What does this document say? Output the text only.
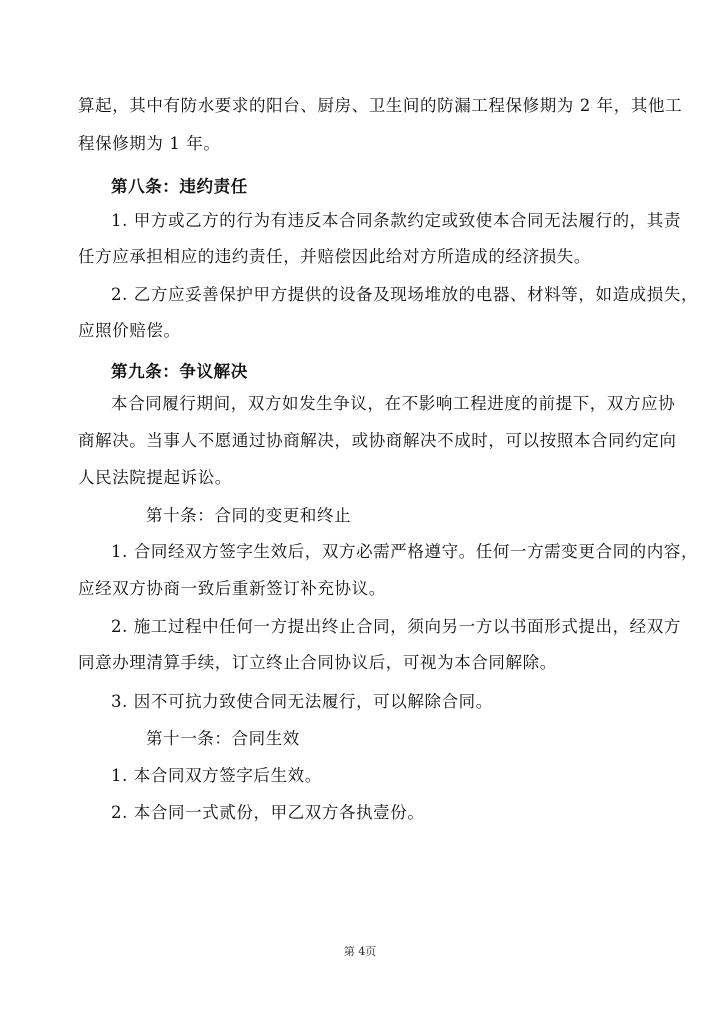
算起，其中有防水要求的阳台、厨房、卫生间的防漏工程保修期为 2 年，其他工
程保修期为 1 年。
第八条：违约责任
1. 甲方或乙方的行为有违反本合同条款约定或致使本合同无法履行的，其责
任方应承担相应的违约责任，并赔偿因此给对方所造成的经济损失。
2. 乙方应妥善保护甲方提供的设备及现场堆放的电器、材料等，如造成损失，
应照价赔偿。
第九条：争议解决
本合同履行期间，双方如发生争议，在不影响工程进度的前提下，双方应协
商解决。当事人不愿通过协商解决，或协商解决不成时，可以按照本合同约定向
人民法院提起诉讼。
第十条：合同的变更和终止
1. 合同经双方签字生效后，双方必需严格遵守。任何一方需变更合同的内容，
应经双方协商一致后重新签订补充协议。
2. 施工过程中任何一方提出终止合同，须向另一方以书面形式提出，经双方
同意办理清算手续，订立终止合同协议后，可视为本合同解除。
3. 因不可抗力致使合同无法履行，可以解除合同。
第十一条：合同生效
1. 本合同双方签字后生效。
2. 本合同一式贰份，甲乙双方各执壹份。
第 4页
